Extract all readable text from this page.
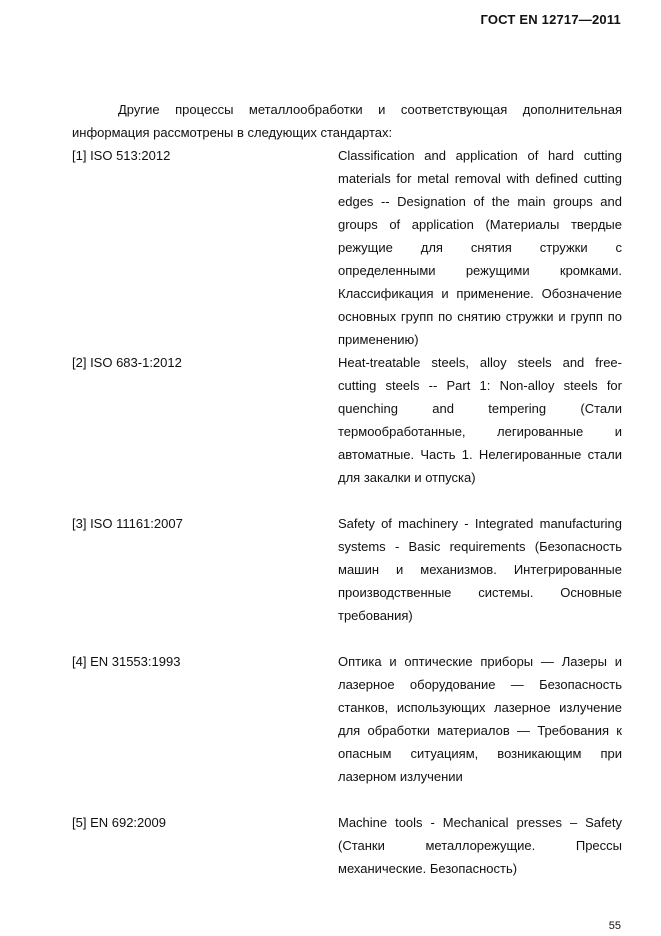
ГОСТ EN 12717—2011
Другие процессы металлообработки и соответствующая дополнительная информация рассмотрены в следующих стандартах:
[1] ISO 513:2012	Classification and application of hard cutting materials for metal removal with defined cutting edges -- Designation of the main groups and groups of application (Материалы твердые режущие для снятия стружки с определенными режущими кромками. Классификация и применение. Обозначение основных групп по снятию стружки и групп по применению)
[2] ISO 683-1:2012	Heat-treatable steels, alloy steels and free-cutting steels -- Part 1: Non-alloy steels for quenching and tempering (Стали термообработанные, легированные и автоматные. Часть 1. Нелегированные стали для закалки и отпуска)
[3] ISO 11161:2007	Safety of machinery - Integrated manufacturing systems - Basic requirements (Безопасность машин и механизмов. Интегрированные производственные системы. Основные требования)
[4] EN 31553:1993	Оптика и оптические приборы — Лазеры и лазерное оборудование — Безопасность станков, использующих лазерное излучение для обработки материалов — Требования к опасным ситуациям, возникающим при лазерном излучении
[5] EN 692:2009	Machine tools - Mechanical presses – Safety (Станки металлорежущие. Прессы механические. Безопасность)
55
